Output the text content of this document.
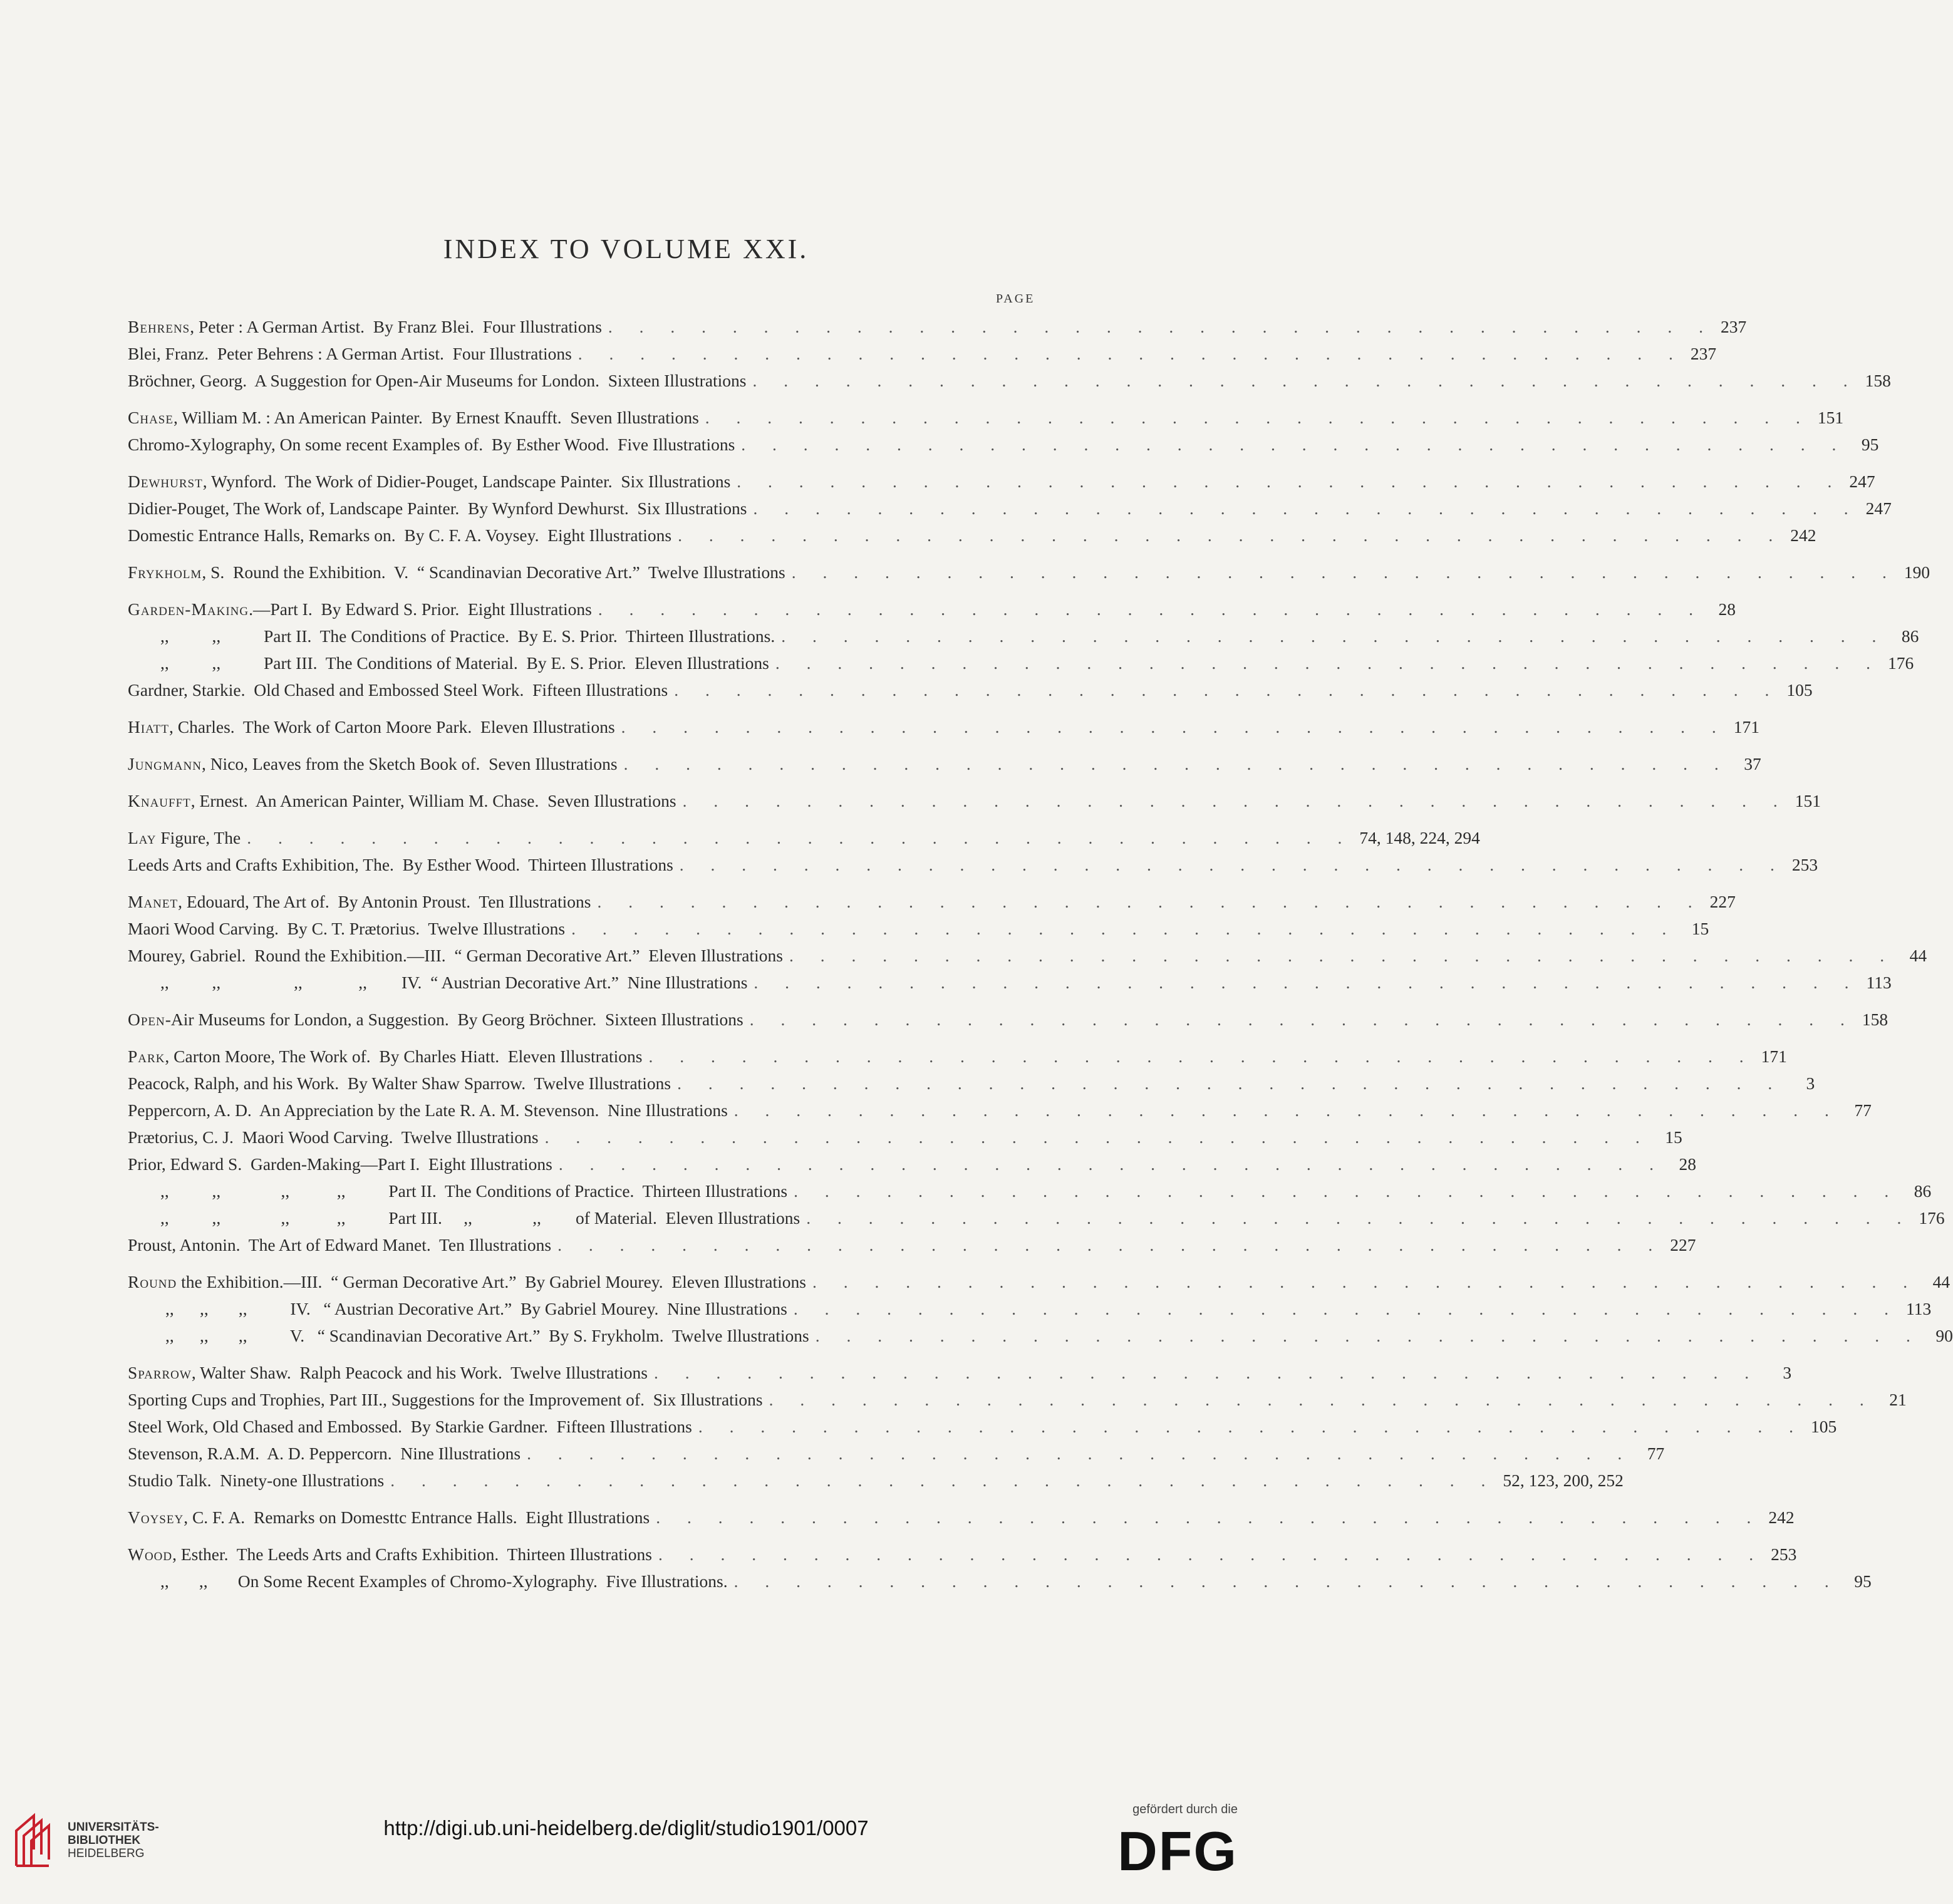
INDEX TO VOLUME XXI.
PAGE
Behrens, Peter : A German Artist.  By Franz Blei.  Four Illustrations . . . . . . . . . . . . . . . . . . . . . . . . . . . . . . . . . . . . 237
Blei, Franz.  Peter Behrens : A German Artist.  Four Illustrations . . . . . . . . . . . . . . . . . . . . . . . . . . . . . . . . . . . . 237
Bröchner, Georg.  A Suggestion for Open-Air Museums for London.  Sixteen Illustrations . . . . . . . . . . . . . . . . . . . . . . . . . . . . . . . . . . . . 158
Chase, William M. : An American Painter.  By Ernest Knaufft.  Seven Illustrations . . . . . . . . . . . . . . . . . . . . . . . . . . . . . . . . . . . . 151
Chromo-Xylography, On some recent Examples of.  By Esther Wood.  Five Illustrations . . . . . . . . . . . . . . . . . . . . . . . . . . . . . . . . . . . . 95
Dewhurst, Wynford.  The Work of Didier-Pouget, Landscape Painter.  Six Illustrations . . . . . . . . . . . . . . . . . . . . . . . . . . . . . . . . . . . . 247
Didier-Pouget, The Work of, Landscape Painter.  By Wynford Dewhurst.  Six Illustrations . . . . . . . . . . . . . . . . . . . . . . . . . . . . . . . . . . . . 247
Domestic Entrance Halls, Remarks on.  By C. F. A. Voysey.  Eight Illustrations . . . . . . . . . . . . . . . . . . . . . . . . . . . . . . . . . . . . 242
Frykholm, S.  Round the Exhibition.  V.  “ Scandinavian Decorative Art.”  Twelve Illustrations . . . . . . . . . . . . . . . . . . . . . . . . . . . . . . . . . . . . 190
Garden-Making.—Part I.  By Edward S. Prior.  Eight Illustrations . . . . . . . . . . . . . . . . . . . . . . . . . . . . . . . . . . . . 28
,,          ,,          Part II.  The Conditions of Practice.  By E. S. Prior.  Thirteen Illustrations. . . . . . . . . . . . . . . . . . . . . . . . . . . . . . . . . . . . . 86
,,          ,,          Part III.  The Conditions of Material.  By E. S. Prior.  Eleven Illustrations . . . . . . . . . . . . . . . . . . . . . . . . . . . . . . . . . . . . 176
Gardner, Starkie.  Old Chased and Embossed Steel Work.  Fifteen Illustrations . . . . . . . . . . . . . . . . . . . . . . . . . . . . . . . . . . . . 105
Hiatt, Charles.  The Work of Carton Moore Park.  Eleven Illustrations . . . . . . . . . . . . . . . . . . . . . . . . . . . . . . . . . . . . 171
Jungmann, Nico, Leaves from the Sketch Book of.  Seven Illustrations . . . . . . . . . . . . . . . . . . . . . . . . . . . . . . . . . . . . 37
Knaufft, Ernest.  An American Painter, William M. Chase.  Seven Illustrations . . . . . . . . . . . . . . . . . . . . . . . . . . . . . . . . . . . . 151
Lay Figure, The . . . . . . . . . . . . . . . . . . . . . . . . . . . . . . . . . . . . 74, 148, 224, 294
Leeds Arts and Crafts Exhibition, The.  By Esther Wood.  Thirteen Illustrations . . . . . . . . . . . . . . . . . . . . . . . . . . . . . . . . . . . . 253
Manet, Edouard, The Art of.  By Antonin Proust.  Ten Illustrations . . . . . . . . . . . . . . . . . . . . . . . . . . . . . . . . . . . . 227
Maori Wood Carving.  By C. T. Prætorius.  Twelve Illustrations . . . . . . . . . . . . . . . . . . . . . . . . . . . . . . . . . . . . 15
Mourey, Gabriel.  Round the Exhibition.—III.  “ German Decorative Art.”  Eleven Illustrations . . . . . . . . . . . . . . . . . . . . . . . . . . . . . . . . . . . . 44
,,          ,,                 ,,             ,,        IV.  “ Austrian Decorative Art.”  Nine Illustrations . . . . . . . . . . . . . . . . . . . . . . . . . . . . . . . . . . . . 113
Open-Air Museums for London, a Suggestion.  By Georg Bröchner.  Sixteen Illustrations . . . . . . . . . . . . . . . . . . . . . . . . . . . . . . . . . . . . 158
Park, Carton Moore, The Work of.  By Charles Hiatt.  Eleven Illustrations . . . . . . . . . . . . . . . . . . . . . . . . . . . . . . . . . . . . 171
Peacock, Ralph, and his Work.  By Walter Shaw Sparrow.  Twelve Illustrations . . . . . . . . . . . . . . . . . . . . . . . . . . . . . . . . . . . .	3
Peppercorn, A. D.  An Appreciation by the Late R. A. M. Stevenson.  Nine Illustrations . . . . . . . . . . . . . . . . . . . . . . . . . . . . . . . . . . . . 77
Prætorius, C. J.  Maori Wood Carving.  Twelve Illustrations . . . . . . . . . . . . . . . . . . . . . . . . . . . . . . . . . . . . 15
Prior, Edward S.  Garden-Making—Part I.  Eight Illustrations . . . . . . . . . . . . . . . . . . . . . . . . . . . . . . . . . . . . 28
,,          ,,              ,,           ,,          Part II.  The Conditions of Practice.  Thirteen Illustrations . . . . . . . . . . . . . . . . . . . . . . . . . . . . . . . . . . . . 86
,,          ,,              ,,           ,,          Part III.     ,,              ,,        of Material.  Eleven Illustrations . . . . . . . . . . . . . . . . . . . . . . . . . . . . . . . . . . . . 176
Proust, Antonin.  The Art of Edward Manet.  Ten Illustrations . . . . . . . . . . . . . . . . . . . . . . . . . . . . . . . . . . . . 227
Round the Exhibition.—III.  “ German Decorative Art.”  By Gabriel Mourey.  Eleven Illustrations . . . . . . . . . . . . . . . . . . . . . . . . . . . . . . . . . . . . 44
,,      ,,       ,,          IV.   “ Austrian Decorative Art.”  By Gabriel Mourey.  Nine Illustrations . . . . . . . . . . . . . . . . . . . . . . . . . . . . . . . . . . . . 113
,,      ,,       ,,          V.   “ Scandinavian Decorative Art.”  By S. Frykholm.  Twelve Illustrations . . . . . . . . . . . . . . . . . . . . . . . . . . . . . . . . . . . . 90
Sparrow, Walter Shaw.  Ralph Peacock and his Work.  Twelve Illustrations . . . . . . . . . . . . . . . . . . . . . . . . . . . . . . . . . . . .	3
Sporting Cups and Trophies, Part III., Suggestions for the Improvement of.  Six Illustrations . . . . . . . . . . . . . . . . . . . . . . . . . . . . . . . . . . . . 21
Steel Work, Old Chased and Embossed.  By Starkie Gardner.  Fifteen Illustrations . . . . . . . . . . . . . . . . . . . . . . . . . . . . . . . . . . . . 105
Stevenson, R.A.M.  A. D. Peppercorn.  Nine Illustrations . . . . . . . . . . . . . . . . . . . . . . . . . . . . . . . . . . . . 77
Studio Talk.  Ninety-one Illustrations . . . . . . . . . . . . . . . . . . . . . . . . . . . . . . . . . . . . 52, 123, 200, 252
Voysey, C. F. A.  Remarks on Domesttc Entrance Halls.  Eight Illustrations . . . . . . . . . . . . . . . . . . . . . . . . . . . . . . . . . . . . 242
Wood, Esther.  The Leeds Arts and Crafts Exhibition.  Thirteen Illustrations . . . . . . . . . . . . . . . . . . . . . . . . . . . . . . . . . . . . 253
,,       ,,       On Some Recent Examples of Chromo-Xylography.  Five Illustrations. . . . . . . . . . . . . . . . . . . . . . . . . . . . . . . . . . . . . 95
UNIVERSITÄTS-
BIBLIOTHEK
HEIDELBERG
http://digi.ub.uni-heidelberg.de/diglit/studio1901/0007
gefördert durch die
DFG
